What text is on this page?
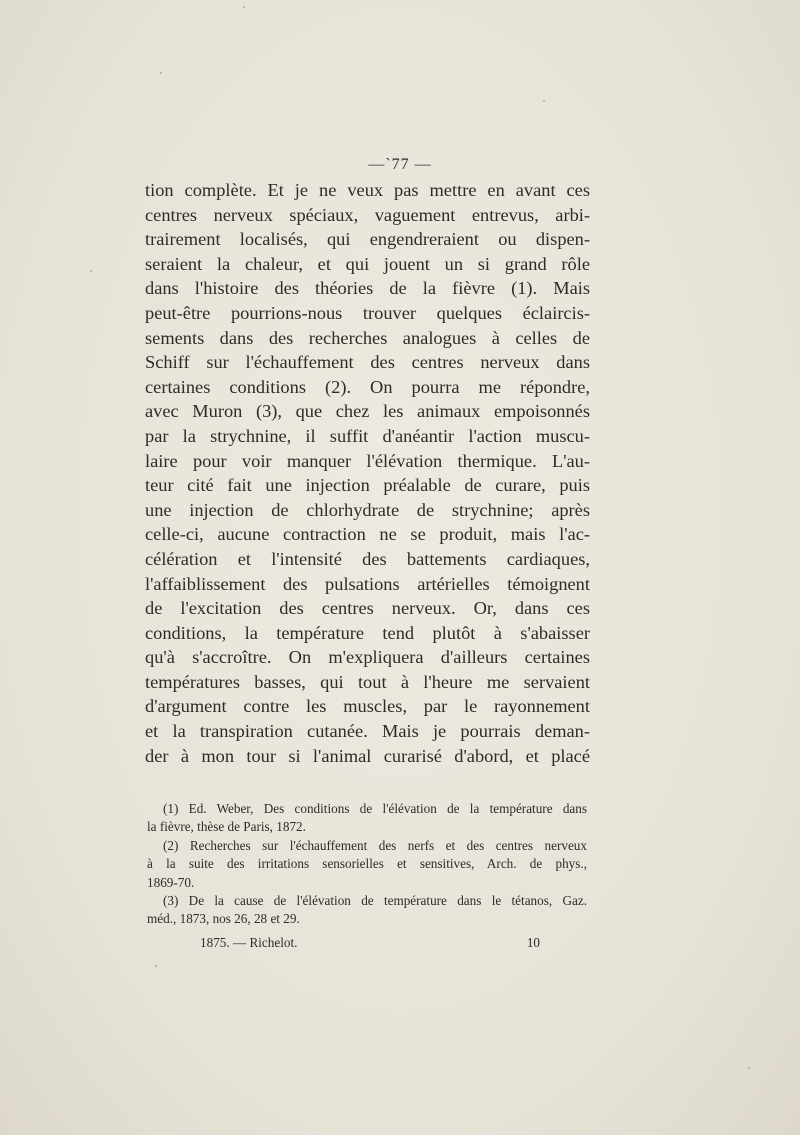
—`77 —
tion complète. Et je ne veux pas mettre en avant ces
centres nerveux spéciaux, vaguement entrevus, arbi-
trairement localisés, qui engendreraient ou dispen-
seraient la chaleur, et qui jouent un si grand rôle
dans l'histoire des théories de la fièvre (1). Mais
peut-être pourrions-nous trouver quelques éclaircis-
sements dans des recherches analogues à celles de
Schiff sur l'échauffement des centres nerveux dans
certaines conditions (2). On pourra me répondre,
avec Muron (3), que chez les animaux empoisonnés
par la strychnine, il suffit d'anéantir l'action muscu-
laire pour voir manquer l'élévation thermique. L'au-
teur cité fait une injection préalable de curare, puis
une injection de chlorhydrate de strychnine; après
celle-ci, aucune contraction ne se produit, mais l'ac-
célération et l'intensité des battements cardiaques,
l'affaiblissement des pulsations artérielles témoignent
de l'excitation des centres nerveux. Or, dans ces
conditions, la température tend plutôt à s'abaisser
qu'à s'accroître. On m'expliquera d'ailleurs certaines
températures basses, qui tout à l'heure me servaient
d'argument contre les muscles, par le rayonnement
et la transpiration cutanée. Mais je pourrais deman-
der à mon tour si l'animal curarisé d'abord, et placé
(1) Ed. Weber, Des conditions de l'élévation de la température dans
la fièvre, thèse de Paris, 1872.
(2) Recherches sur l'échauffement des nerfs et des centres nerveux
à la suite des irritations sensorielles et sensitives, Arch. de phys.,
1869-70.
(3) De la cause de l'élévation de température dans le tétanos, Gaz.
méd., 1873, nos 26, 28 et 29.
1875. — Richelot.	10
